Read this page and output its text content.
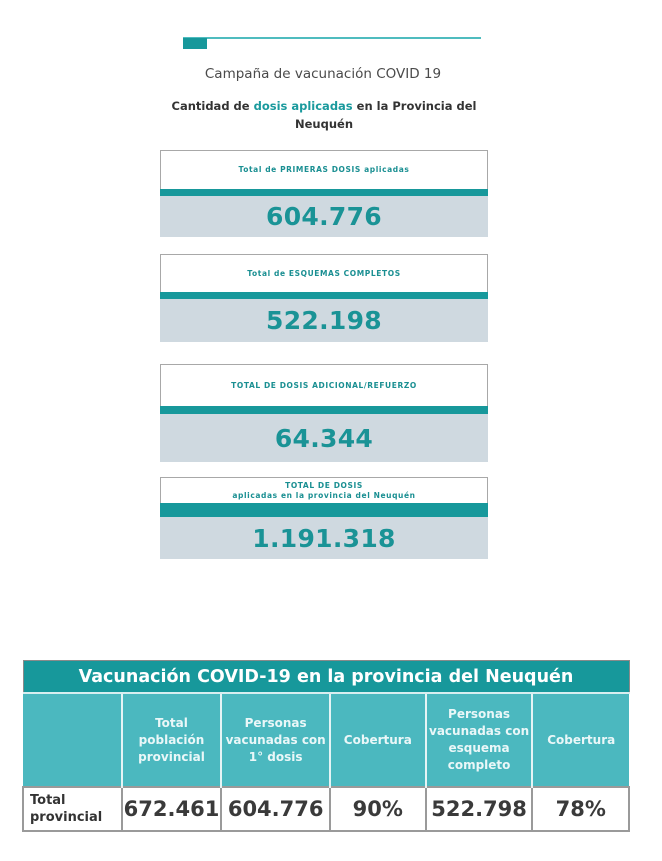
Campaña de vacunación COVID 19
Cantidad de dosis aplicadas en la Provincia del Neuquén
Total de PRIMERAS DOSIS aplicadas
604.776
Total de ESQUEMAS COMPLETOS
522.198
TOTAL DE DOSIS ADICIONAL/REFUERZO
64.344
TOTAL DE DOSIS
aplicadas en la provincia del Neuquén
1.191.318
Vacunación COVID-19 en la provincia del Neuquén					
	Total población provincial	Personas vacunadas con 1° dosis	Cobertura	Personas vacunadas con esquema completo	Cobertura
Total provincial	672.461	604.776	90%	522.798	78%
